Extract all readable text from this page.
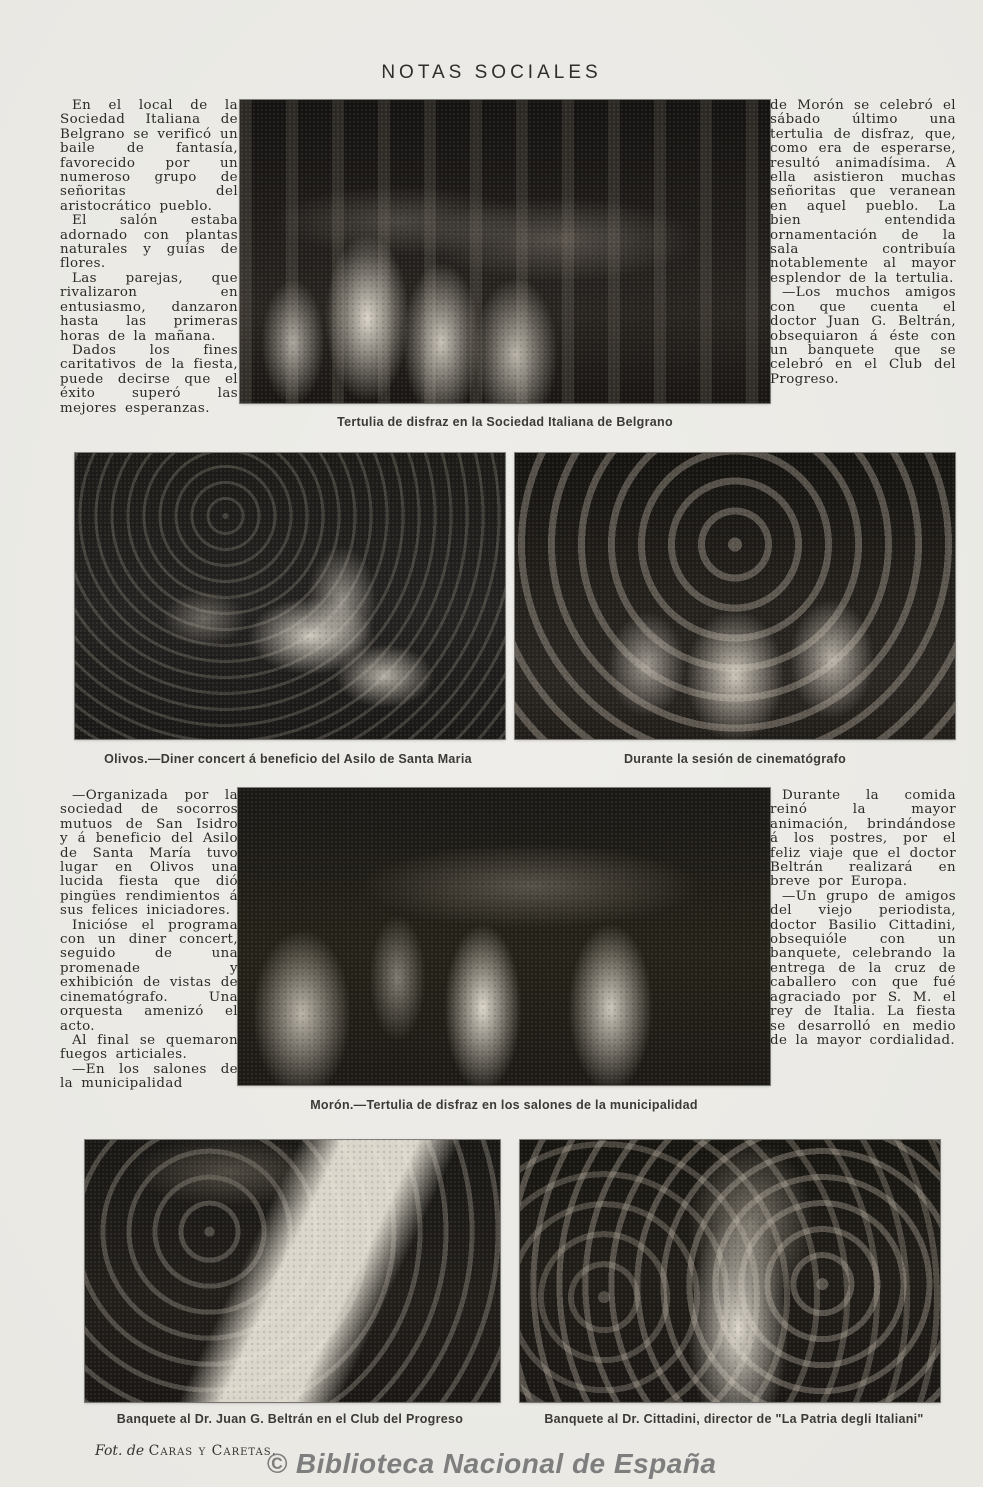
NOTAS SOCIALES

En el local de la Sociedad Italiana de Belgrano se verificó un baile de fantasía, favorecido por un numeroso grupo de señoritas del aristocrático pueblo.

El salón estaba adornado con plantas naturales y guías de flores.

Las parejas, que rivalizaron en entusiasmo, danzaron hasta las primeras horas de la mañana.

Dados los fines caritativos de la fiesta, puede decirse que el éxito superó las mejores esperanzas.

Tertulia de disfraz en la Sociedad Italiana de Belgrano

de Morón se celebró el sábado último una tertulia de disfraz, que, como era de esperarse, resultó animadísima. A ella asistieron muchas señoritas que veranean en aquel pueblo. La bien entendida ornamentación de la sala contribuía notablemente al mayor esplendor de la tertulia.

—Los muchos amigos con que cuenta el doctor Juan G. Beltrán, obsequiaron á éste con un banquete que se celebró en el Club del Progreso.

Olivos.—Diner concert á beneficio del Asilo de Santa Maria	Durante la sesión de cinematógrafo

—Organizada por la sociedad de socorros mutuos de San Isidro y á beneficio del Asilo de Santa María tuvo lugar en Olivos una lucida fiesta que dió pingües rendimientos á sus felices iniciadores.

Inicióse el programa con un diner concert, seguido de una promenade y exhibición de vistas de cinematógrafo. Una orquesta amenizó el acto.

Al final se quemaron fuegos articiales.

—En los salones de la municipalidad

Morón.—Tertulia de disfraz en los salones de la municipalidad

Durante la comida reinó la mayor animación, brindándose á los postres, por el feliz viaje que el doctor Beltrán realizará en breve por Europa.

—Un grupo de amigos del viejo periodista, doctor Basilio Cittadini, obsequióle con un banquete, celebrando la entrega de la cruz de caballero con que fué agraciado por S. M. el rey de Italia. La fiesta se desarrolló en medio de la mayor cordialidad.

Banquete al Dr. Juan G. Beltrán en el Club del Progreso	Banquete al Dr. Cittadini, director de "La Patria degli Italiani"

Fot. de Caras y Caretas.

© Biblioteca Nacional de España
